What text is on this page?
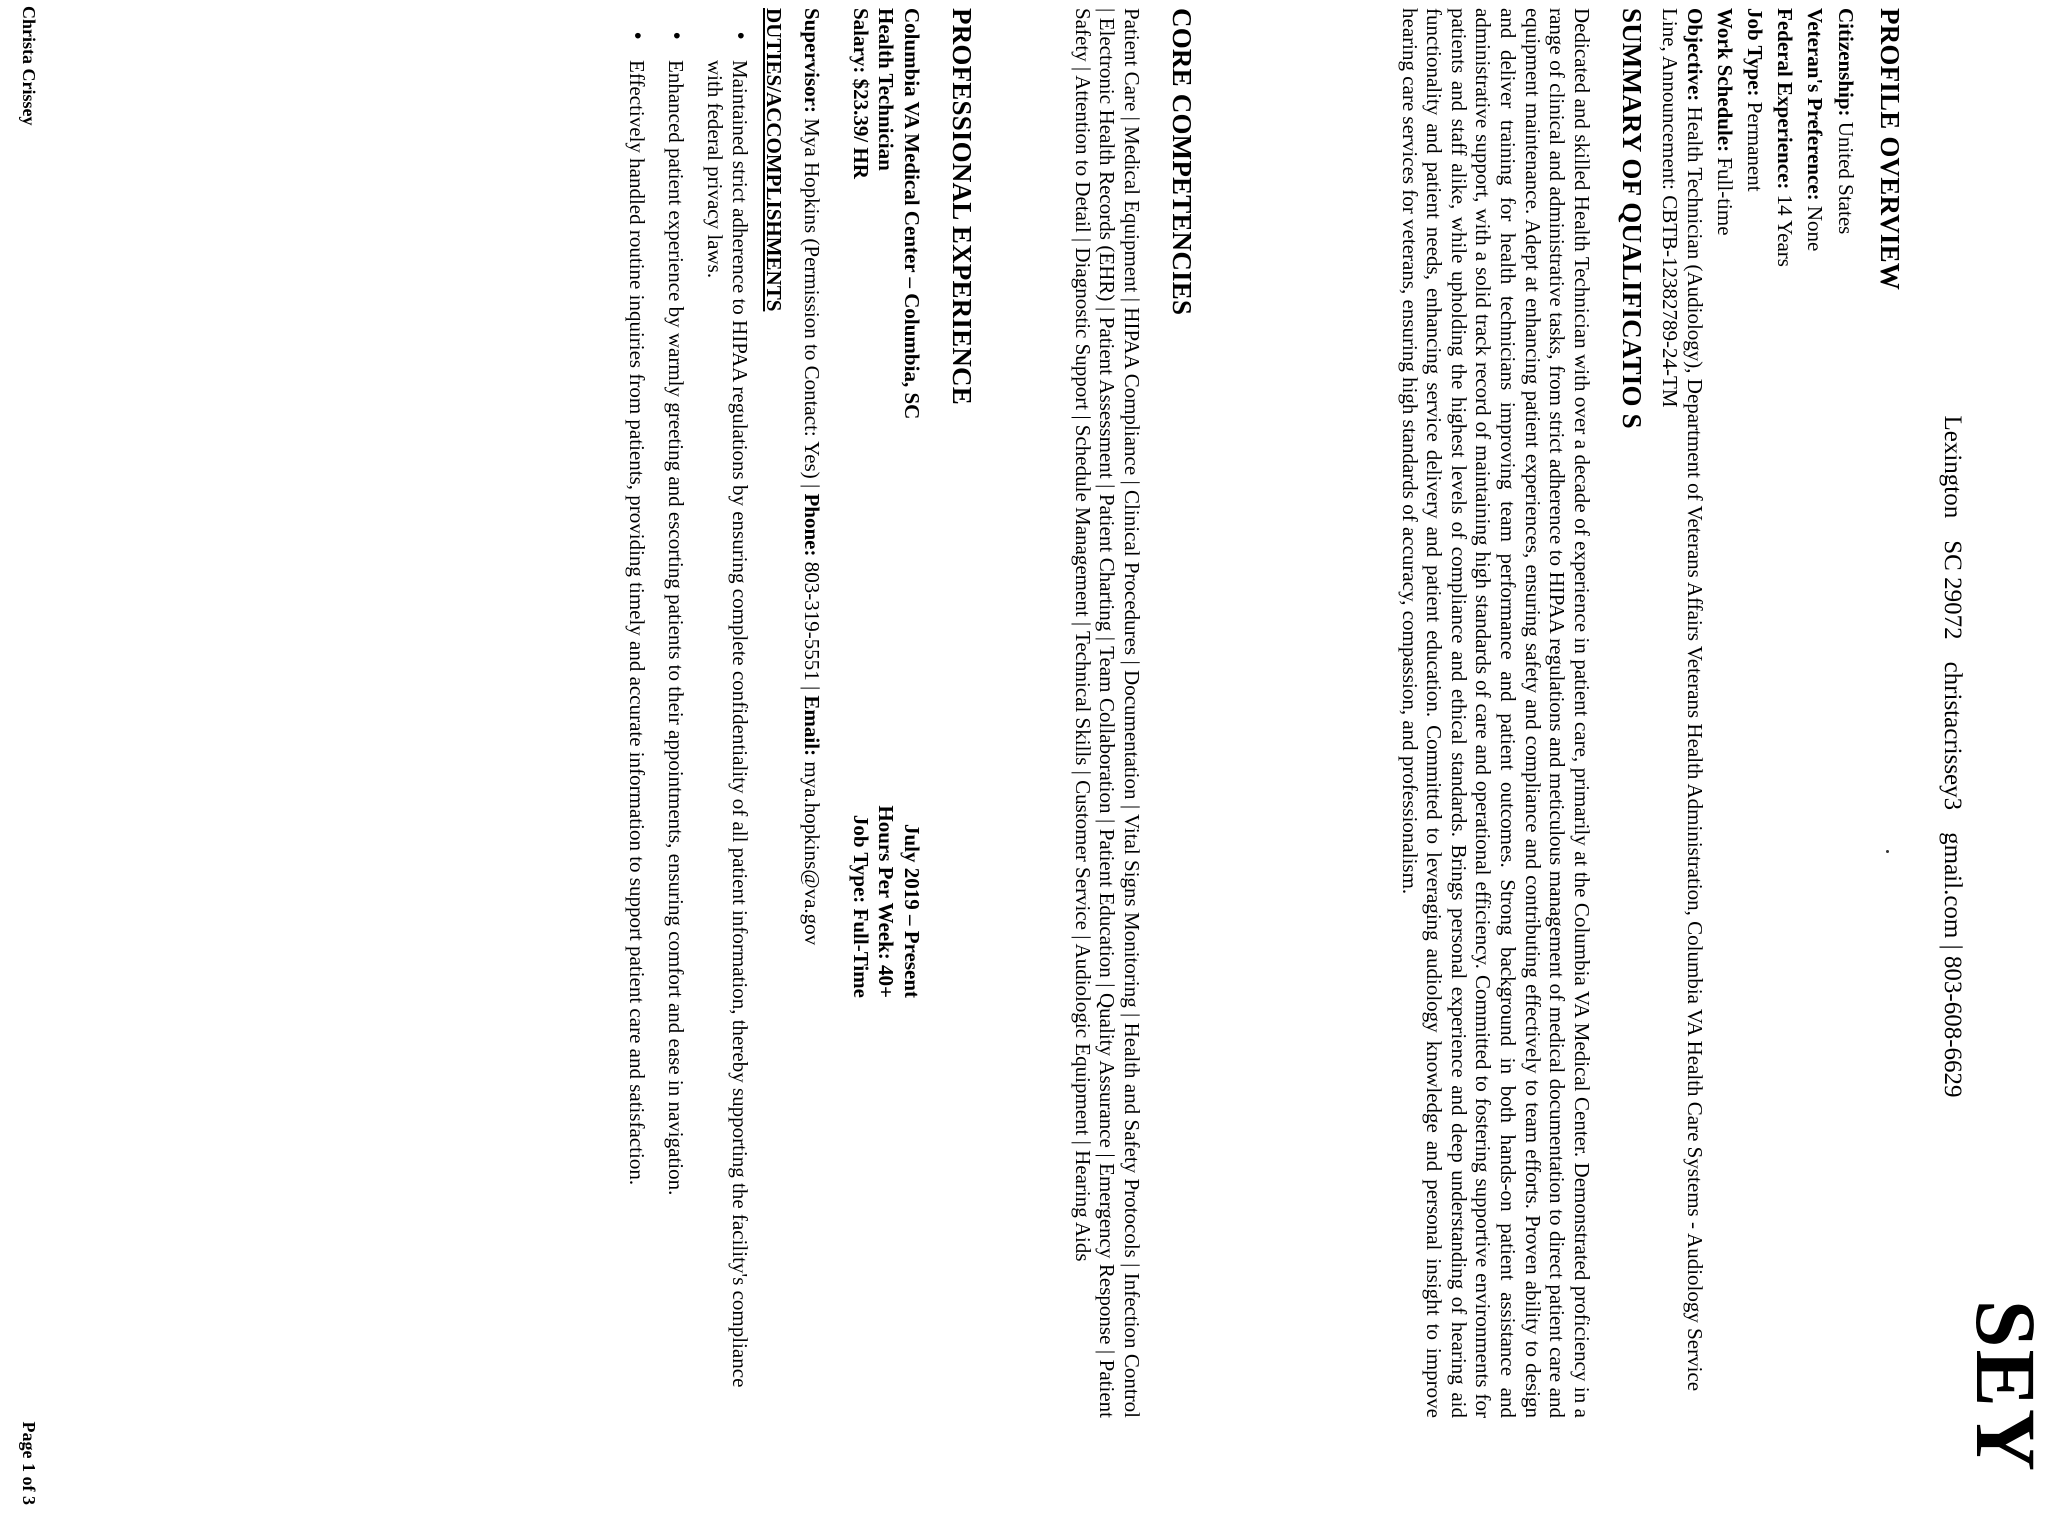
SEY
LexingtonSC 29072christacrissey3gmail.com | 803-608-6629
PROFILE OVERVIEW
Citizenship: United States
Veteran's Preference: None
Federal Experience: 14 Years
Job Type: Permanent
Work Schedule: Full-time
Objective: Health Technician (Audiology), Department of Veterans Affairs Veterans Health Administration, Columbia VA Health Care Systems - Audiology Service Line, Announcement: CBTB-12382789-24-TM
SUMMARY OF QUALIFICATIO S

Dedicated and skilled Health Technician with over a decade of experience in patient care, primarily at the Columbia VA Medical Center. Demonstrated proficiency in a range of clinical and administrative tasks, from strict adherence to HIPAA regulations and meticulous management of medical documentation to direct patient care and equipment maintenance. Adept at enhancing patient experiences, ensuring safety and compliance and contributing effectively to team efforts. Proven ability to design and deliver training for health technicians improving team performance and patient outcomes. Strong background in both hands-on patient assistance and administrative support, with a solid track record of maintaining high standards of care and operational efficiency. Committed to fostering supportive environments for patients and staff alike, while upholding the highest levels of compliance and ethical standards. Brings personal experience and deep understanding of hearing aid functionality and patient needs, enhancing service delivery and patient education. Committed to leveraging audiology knowledge and personal insight to improve hearing care services for veterans, ensuring high standards of accuracy, compassion, and professionalism.

CORE COMPETENCIES

Patient Care | Medical Equipment | HIPAA Compliance | Clinical Procedures | Documentation | Vital Signs Monitoring | Health and Safety Protocols | Infection Control | Electronic Health Records (EHR) | Patient Assessment | Patient Charting | Team Collaboration | Patient Education | Quality Assurance | Emergency Response | Patient Safety | Attention to Detail | Diagnostic Support | Schedule Management | Technical Skills | Customer Service | Audiologic Equipment | Hearing Aids

PROFESSIONAL EXPERIENCE
Columbia VA Medical Center – Columbia, SC
Health Technician
Salary: $23.39/ HR
July 2019 – Present
Hours Per Week: 40+
Job Type: Full-Time
Supervisor: Mya Hopkins (Permission to Contact: Yes) | Phone: 803-319-5551 | Email: mya.hopkins@va.gov
DUTIES/ACCOMPLISHMENTS
•
Maintained strict adherence to HIPAA regulations by ensuring complete confidentiality of all patient information, thereby supporting the facility's compliance with federal privacy laws.
•
Enhanced patient experience by warmly greeting and escorting patients to their appointments, ensuring comfort and ease in navigation.
•
Effectively handled routine inquiries from patients, providing timely and accurate information to support patient care and satisfaction.
Christa Crissey
Page 1 of 3
